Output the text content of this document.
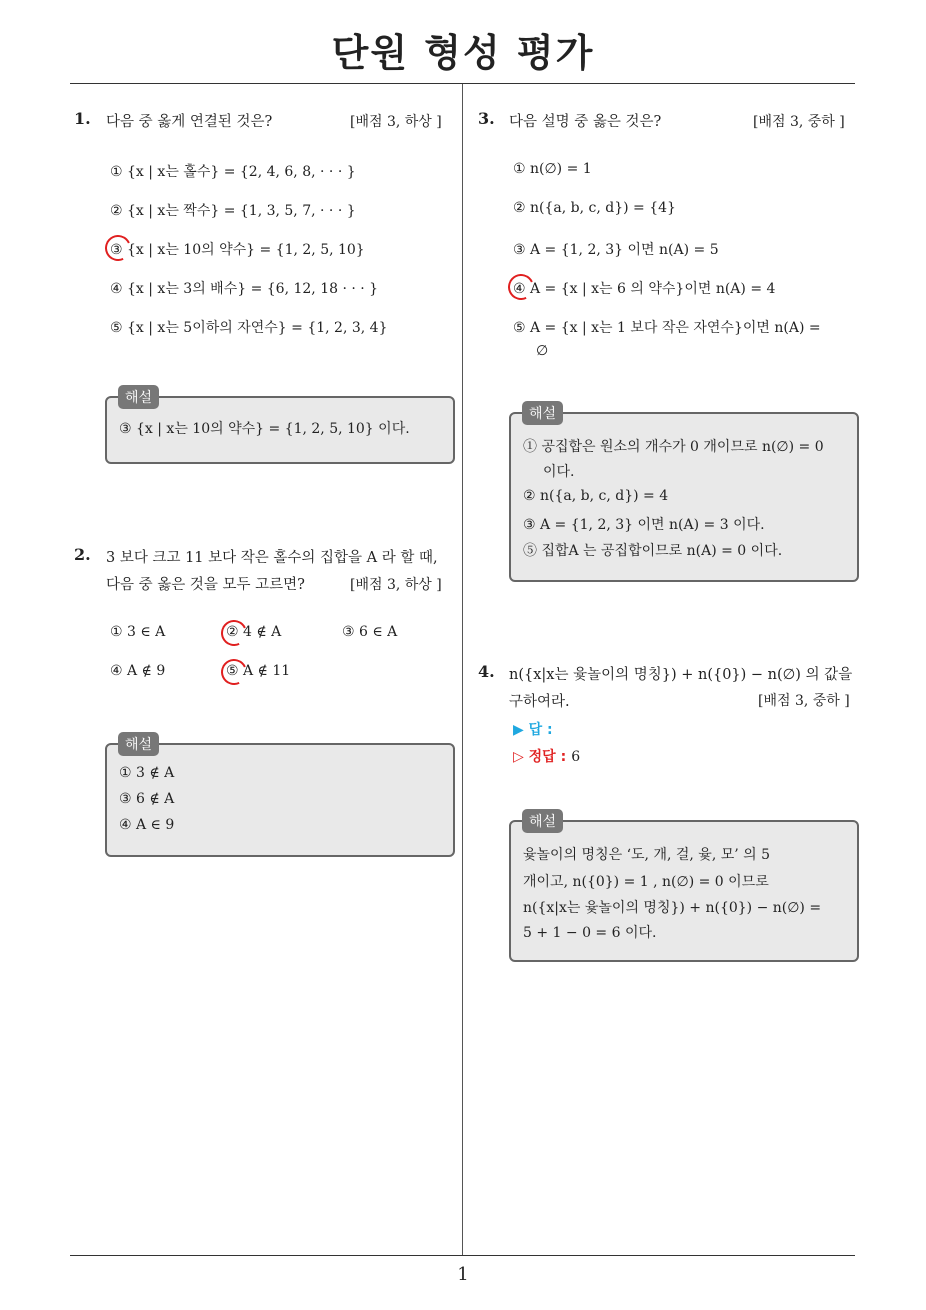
단원 형성 평가
1. 다음 중 옳게 연결된 것은?	[배점 3, 하상 ]
① {x | x는 홀수} = {2, 4, 6, 8, · · · }
② {x | x는 짝수} = {1, 3, 5, 7, · · · }
③ {x | x는 10의 약수} = {1, 2, 5, 10}
④ {x | x는 3의 배수} = {6, 12, 18 · · · }
⑤ {x | x는 5이하의 자연수} = {1, 2, 3, 4}
③ {x | x는 10의 약수} = {1, 2, 5, 10} 이다.
해설
2. 3 보다 크고 11 보다 작은 홀수의 집합을 A 라 할 때,
다음 중 옳은 것을 모두 고르면?	[배점 3, 하상 ]
① 3 ∈ A	② 4 ∉ A	③ 6 ∈ A
④ A ∉ 9	⑤ A ∉ 11
① 3 ∉ A
③ 6 ∉ A
④ A ∈ 9
해설
3. 다음 설명 중 옳은 것은?	[배점 3, 중하 ]
① n(∅) = 1
② n({a, b, c, d}) = {4}
③ A = {1, 2, 3} 이면 n(A) = 5
④ A = {x | x는 6 의 약수}이면 n(A) = 4
⑤ A = {x | x는 1 보다 작은 자연수}이면 n(A) =
∅
① 공집합은 원소의 개수가 0 개이므로 n(∅) = 0
이다.
② n({a, b, c, d}) = 4
③ A = {1, 2, 3} 이면 n(A) = 3 이다.
⑤ 집합A 는 공집합이므로 n(A) = 0 이다.
해설
4. n({x|x는 윷놀이의 명칭}) + n({0}) − n(∅) 의 값을
구하여라.	[배점 3, 중하 ]
▶ 답 :
▷ 정답 : 6
윷놀이의 명칭은 ‘도, 개, 걸, 윷, 모’ 의 5
개이고, n({0}) = 1 , n(∅) = 0 이므로
n({x|x는 윷놀이의 명칭}) + n({0}) − n(∅) =
5 + 1 − 0 = 6 이다.
해설
1
